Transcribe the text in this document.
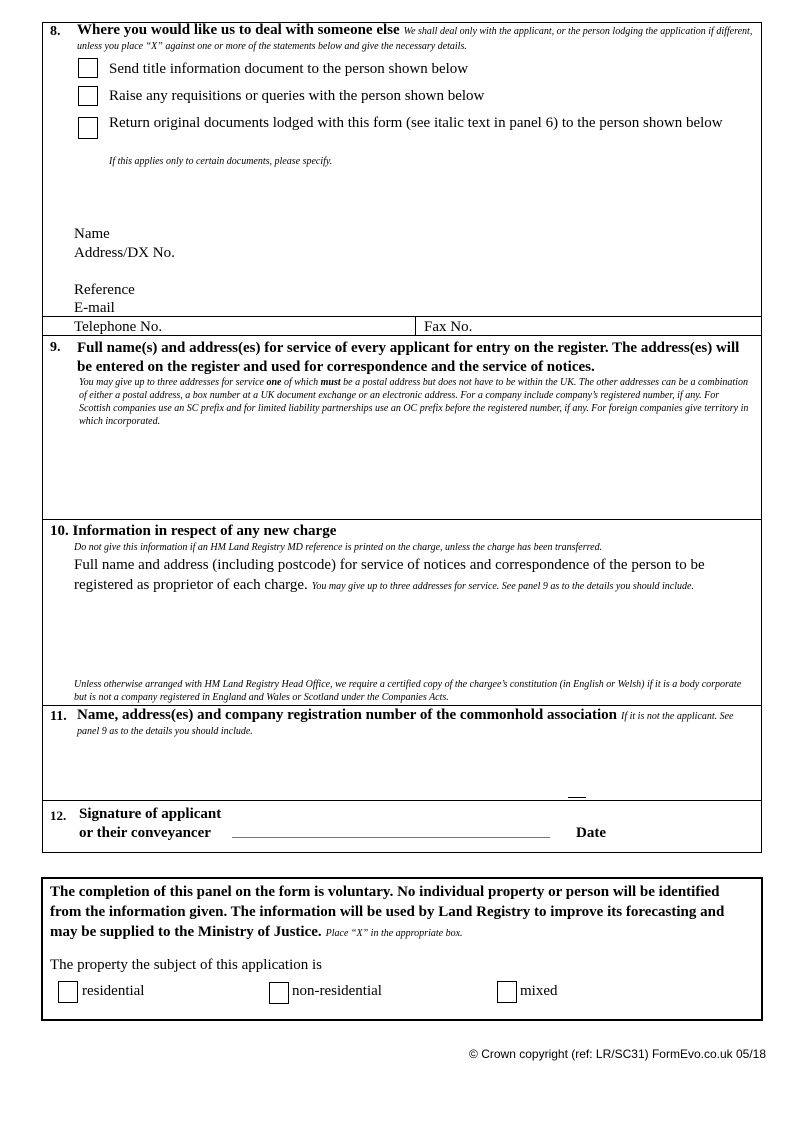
8. Where you would like us to deal with someone else We shall deal only with the applicant, or the person lodging the application if different, unless you place “X” against one or more of the statements below and give the necessary details.
Send title information document to the person shown below
Raise any requisitions or queries with the person shown below
Return original documents lodged with this form (see italic text in panel 6) to the person shown below
If this applies only to certain documents, please specify.
Name
Address/DX No.
Reference
E-mail
Telephone No.	Fax No.
9. Full name(s) and address(es) for service of every applicant for entry on the register. The address(es) will be entered on the register and used for correspondence and the service of notices.
You may give up to three addresses for service one of which must be a postal address but does not have to be within the UK. The other addresses can be a combination of either a postal address, a box number at a UK document exchange or an electronic address. For a company include company’s registered number, if any. For Scottish companies use an SC prefix and for limited liability partnerships use an OC prefix before the registered number, if any. For foreign companies give territory in which incorporated.
10. Information in respect of any new charge
Do not give this information if an HM Land Registry MD reference is printed on the charge, unless the charge has been transferred.
Full name and address (including postcode) for service of notices and correspondence of the person to be registered as proprietor of each charge. You may give up to three addresses for service. See panel 9 as to the details you should include.
Unless otherwise arranged with HM Land Registry Head Office, we require a certified copy of the chargee’s constitution (in English or Welsh) if it is a body corporate but is not a company registered in England and Wales or Scotland under the Companies Acts.
11. Name, address(es) and company registration number of the commonhold association If it is not the applicant. See panel 9 as to the details you should include.
12. Signature of applicant
or their conveyancer	Date
The completion of this panel on the form is voluntary. No individual property or person will be identified from the information given. The information will be used by Land Registry to improve its forecasting and may be supplied to the Ministry of Justice. Place “X” in the appropriate box.
The property the subject of this application is
residential	non-residential	mixed
© Crown copyright (ref: LR/SC31) FormEvo.co.uk 05/18
